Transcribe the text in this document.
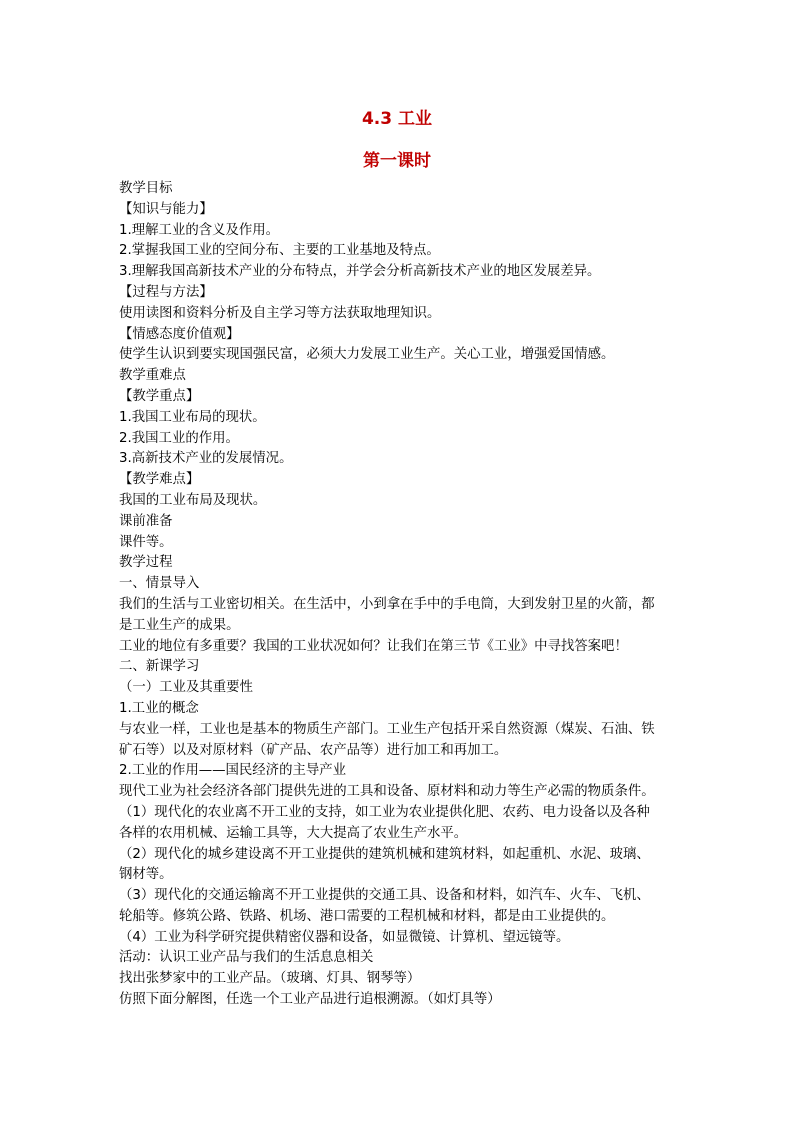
4.3 工业
第一课时
教学目标
【知识与能力】
1.理解工业的含义及作用。
2.掌握我国工业的空间分布、主要的工业基地及特点。
3.理解我国高新技术产业的分布特点，并学会分析高新技术产业的地区发展差异。
【过程与方法】
使用读图和资料分析及自主学习等方法获取地理知识。
【情感态度价值观】
使学生认识到要实现国强民富，必须大力发展工业生产。关心工业，增强爱国情感。
教学重难点
【教学重点】
1.我国工业布局的现状。
2.我国工业的作用。
3.高新技术产业的发展情况。
【教学难点】
我国的工业布局及现状。
课前准备
课件等。
教学过程
一、情景导入
我们的生活与工业密切相关。在生活中，小到拿在手中的手电筒，大到发射卫星的火箭，都
是工业生产的成果。
工业的地位有多重要？我国的工业状况如何？让我们在第三节《工业》中寻找答案吧！
二、新课学习
（一）工业及其重要性
1.工业的概念
与农业一样，工业也是基本的物质生产部门。工业生产包括开采自然资源（煤炭、石油、铁
矿石等）以及对原材料（矿产品、农产品等）进行加工和再加工。
2.工业的作用——国民经济的主导产业
现代工业为社会经济各部门提供先进的工具和设备、原材料和动力等生产必需的物质条件。
（1）现代化的农业离不开工业的支持，如工业为农业提供化肥、农药、电力设备以及各种
各样的农用机械、运输工具等，大大提高了农业生产水平。
（2）现代化的城乡建设离不开工业提供的建筑机械和建筑材料，如起重机、水泥、玻璃、
钢材等。
（3）现代化的交通运输离不开工业提供的交通工具、设备和材料，如汽车、火车、飞机、
轮船等。修筑公路、铁路、机场、港口需要的工程机械和材料，都是由工业提供的。
（4）工业为科学研究提供精密仪器和设备，如显微镜、计算机、望远镜等。
活动：认识工业产品与我们的生活息息相关
找出张梦家中的工业产品。（玻璃、灯具、钢琴等）
仿照下面分解图，任选一个工业产品进行追根溯源。（如灯具等）
